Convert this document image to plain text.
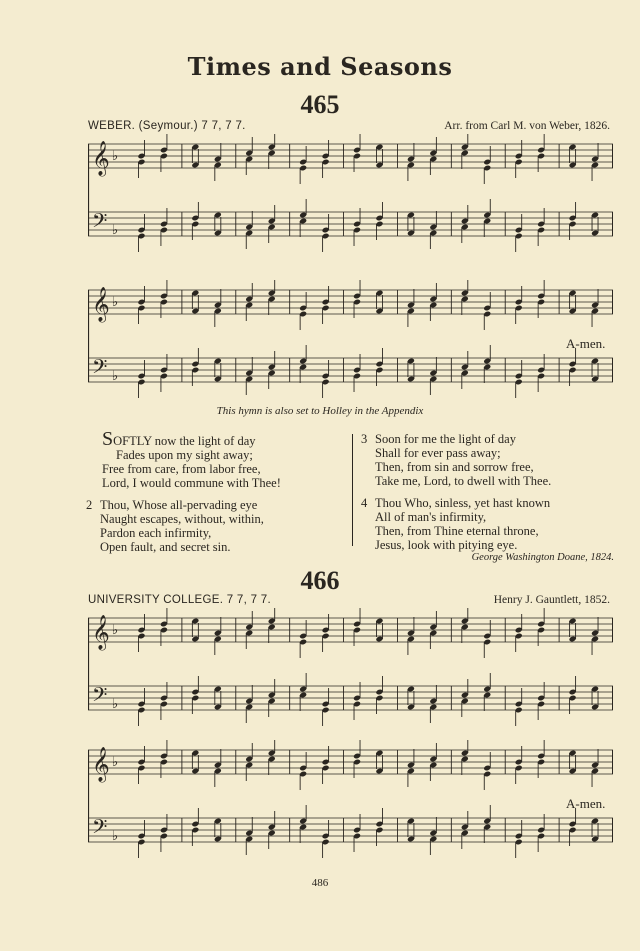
Times and Seasons
465
WEBER. (Seymour.) 7 7, 7 7.	Arr. from Carl M. von Weber, 1826.
𝄞
𝄢
♭
♭
𝄞
𝄢
♭
♭
A-men.
This hymn is also set to Holley in the Appendix
SOFTLY now the light of day
Fades upon my sight away;
Free from care, from labor free,
Lord, I would commune with Thee!
2 Thou, Whose all-pervading eye
Naught escapes, without, within,
Pardon each infirmity,
Open fault, and secret sin.
3 Soon for me the light of day
Shall for ever pass away;
Then, from sin and sorrow free,
Take me, Lord, to dwell with Thee.
4 Thou Who, sinless, yet hast known
All of man's infirmity,
Then, from Thine eternal throne,
Jesus, look with pitying eye.
George Washington Doane, 1824.
466
UNIVERSITY COLLEGE. 7 7, 7 7.	Henry J. Gauntlett, 1852.
𝄞
𝄢
♭
♭
𝄞
𝄢
♭
♭
A-men.
486
